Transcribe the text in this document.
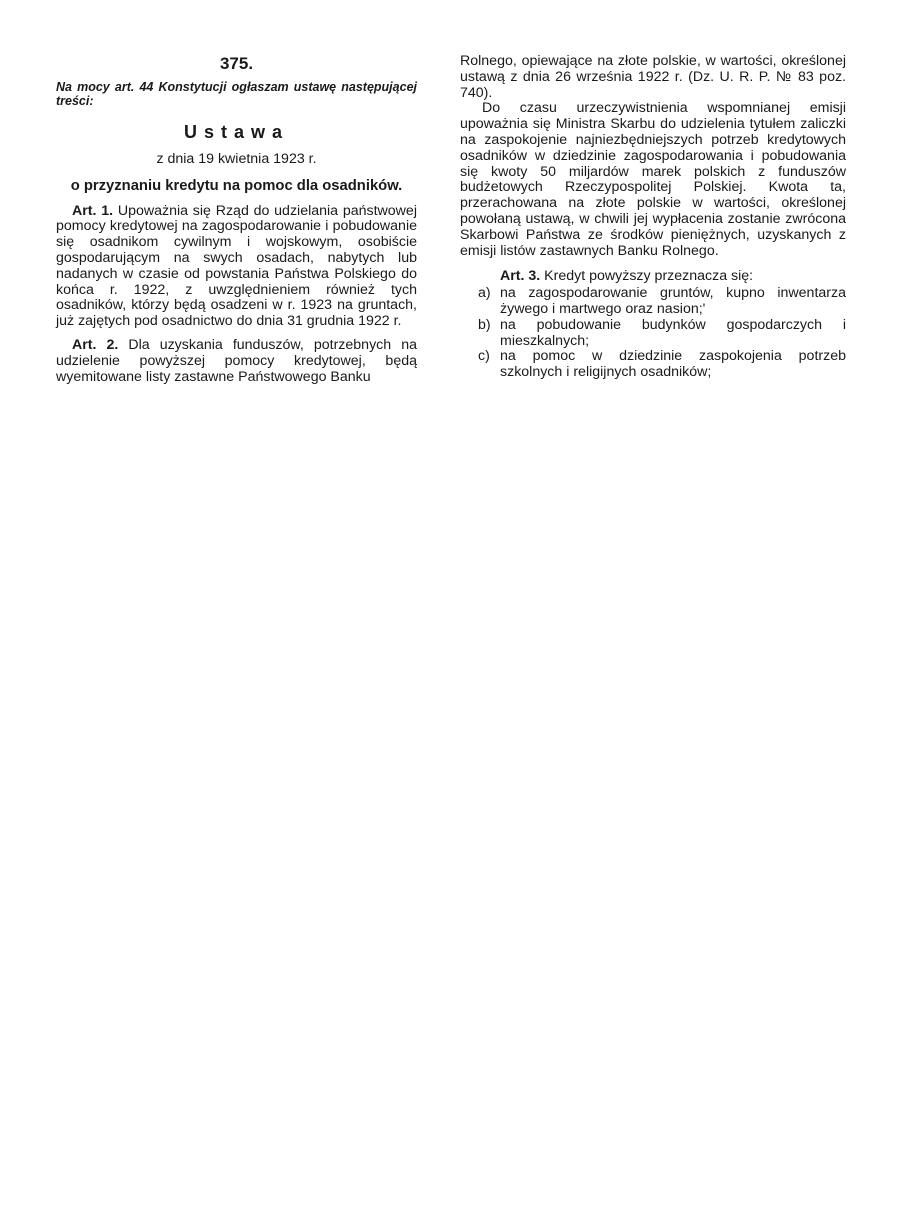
375.

Na mocy art. 44 Konstytucji ogłaszam ustawę następującej treści:

Ustawa
z dnia 19 kwietnia 1923 r.
o przyznaniu kredytu na pomoc dla osadników.

Art. 1. Upoważnia się Rząd do udzielania państwowej pomocy kredytowej na zagospodarowanie i pobudowanie się osadnikom cywilnym i wojskowym, osobiście gospodarującym na swych osadach, nabytych lub nadanych w czasie od powstania Państwa Polskiego do końca r. 1922, z uwzględnieniem również tych osadników, którzy będą osadzeni w r. 1923 na gruntach, już zajętych pod osadnictwo do dnia 31 grudnia 1922 r.

Art. 2. Dla uzyskania funduszów, potrzebnych na udzielenie powyższej pomocy kredytowej, będą wyemitowane listy zastawne Państwowego Banku

Rolnego, opiewające na złote polskie, w wartości, określonej ustawą z dnia 26 września 1922 r. (Dz. U. R. P. № 83 poz. 740).

Do czasu urzeczywistnienia wspomnianej emisji upoważnia się Ministra Skarbu do udzielenia tytułem zaliczki na zaspokojenie najniezbędniejszych potrzeb kredytowych osadników w dziedzinie zagospodarowania i pobudowania się kwoty 50 miljardów marek polskich z funduszów budżetowych Rzeczypospolitej Polskiej. Kwota ta, przerachowana na złote polskie w wartości, określonej powołaną ustawą, w chwili jej wypłacenia zostanie zwrócona Skarbowi Państwa ze środków pieniężnych, uzyskanych z emisji listów zastawnych Banku Rolnego.

Art. 3. Kredyt powyższy przeznacza się:

a) na zagospodarowanie gruntów, kupno inwentarza żywego i martwego oraz nasion;'
b) na pobudowanie budynków gospodarczych i mieszkalnych;
c) na pomoc w dziedzinie zaspokojenia potrzeb szkolnych i religijnych osadników;
